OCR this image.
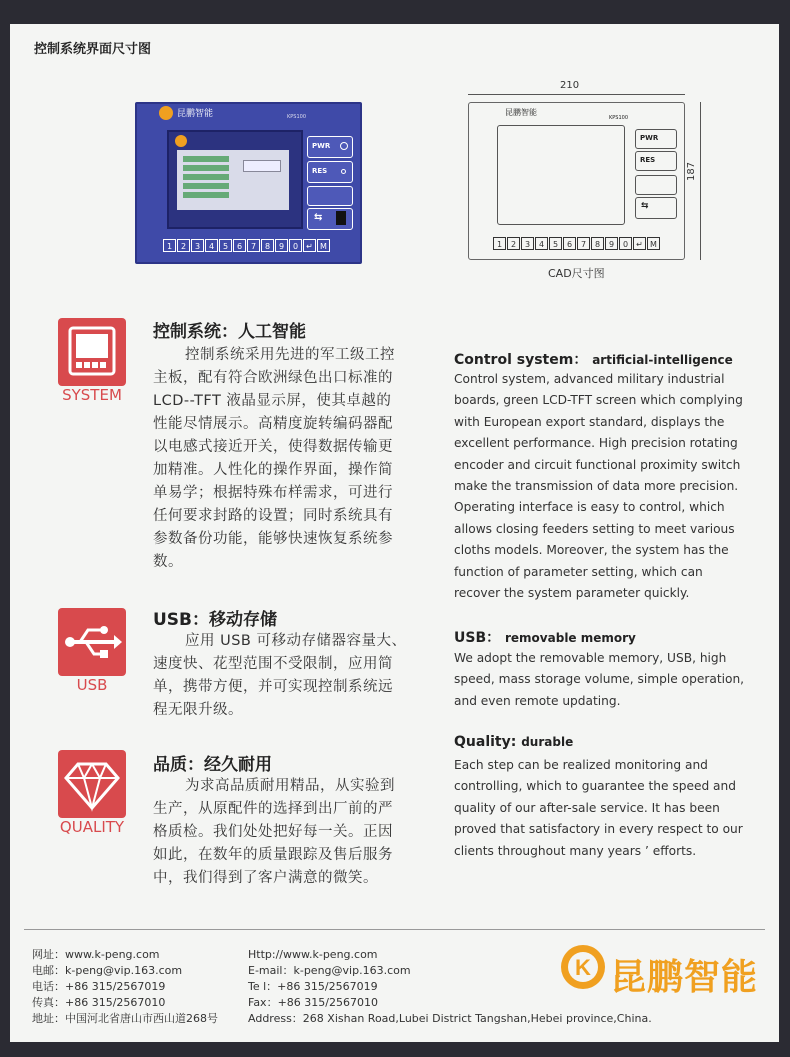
控制系统界面尺寸图
昆鹏智能	KPS100
PWR
RES
⇆
1	2	3	4	5	6	7	8	9	0	↵ M
210
187
昆鹏智能
KPS100
PWR
RES
⇆
1	2	3	4	5	6	7	8	9	0	↵ M
CAD尺寸图
SYSTEM
控制系统：人工智能
控制系统采用先进的军工级工控
主板，配有符合欧洲绿色出口标准的
LCD--TFT 液晶显示屏，使其卓越的
性能尽情展示。高精度旋转编码器配
以电感式接近开关，使得数据传输更
加精准。人性化的操作界面，操作简
单易学；根据特殊布样需求，可进行
任何要求封路的设置；同时系统具有
参数备份功能，能够快速恢复系统参
数。
Control system： artificial-intelligence
Control system, advanced military industrial
boards, green LCD-TFT screen which complying
with European export standard, displays the
excellent performance. High precision rotating
encoder and circuit functional proximity switch
make the transmission of data more precision.
Operating interface is easy to control, which
allows closing feeders setting to meet various
cloths models. Moreover, the system has the
function of parameter setting, which can
recover the system parameter quickly.
USB
USB：移动存储
应用 USB 可移动存储器容量大、
速度快、花型范围不受限制，应用简
单，携带方便，并可实现控制系统远
程无限升级。
USB： removable memory
We adopt the removable memory, USB, high
speed, mass storage volume, simple operation,
and even remote updating.
QUALITY
品质：经久耐用
为求高品质耐用精品，从实验到
生产，从原配件的选择到出厂前的严
格质检。我们处处把好每一关。正因
如此，在数年的质量跟踪及售后服务
中，我们得到了客户满意的微笑。
Quality: durable
Each step can be realized monitoring and
controlling, which to guarantee the speed and
quality of our after-sale service. It has been
proved that satisfactory in every respect to our
clients throughout many years ’ efforts.
网址：www.k-peng.com
电邮：k-peng@vip.163.com
电话：+86 315/2567019
传真：+86 315/2567010
地址：中国河北省唐山市西山道268号
Http://www.k-peng.com
E-mail：k-peng@vip.163.com
Te l：+86 315/2567019
Fax：+86 315/2567010
Address：268 Xishan Road,Lubei District Tangshan,Hebei province,China.
K 昆鹏智能
